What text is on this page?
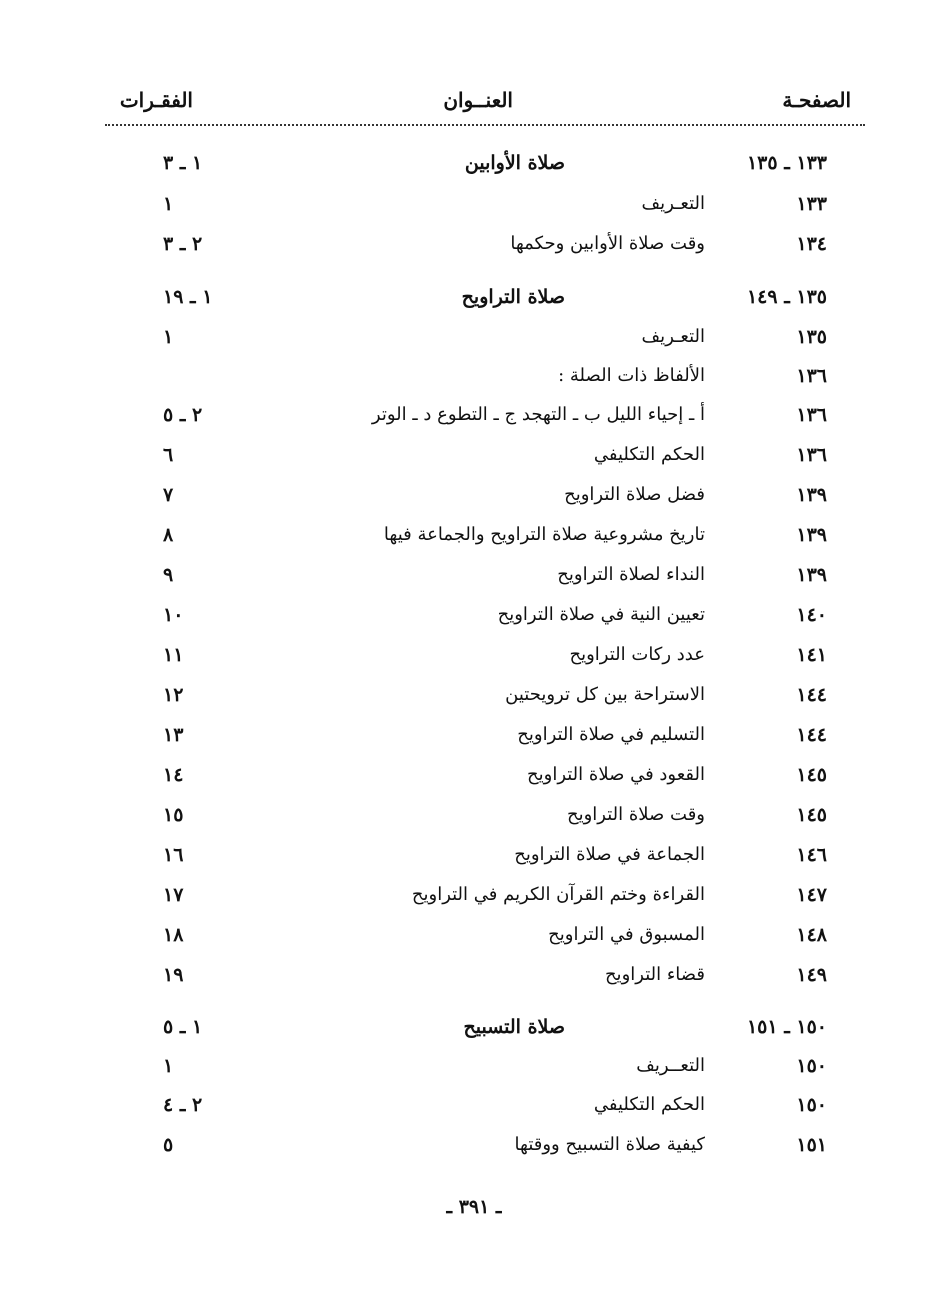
الصفحـة
العنــوان
الفقـرات
١٣٣ ـ ١٣٥
صلاة الأوابين
١ ـ ٣
١٣٣
التعـريف
١
١٣٤
وقت صلاة الأوابين وحكمها
٢ ـ ٣
١٣٥ ـ ١٤٩
صلاة التراويح
١ ـ ١٩
١٣٥
التعـريف
١
١٣٦
الألفاظ ذات الصلة :
١٣٦
أ ـ إحياء الليل ب ـ التهجد ج ـ التطوع د ـ الوتر
٢ ـ ٥
١٣٦
الحكم التكليفي
٦
١٣٩
فضل صلاة التراويح
٧
١٣٩
تاريخ مشروعية صلاة التراويح والجماعة فيها
٨
١٣٩
النداء لصلاة التراويح
٩
١٤٠
تعيين النية في صلاة التراويح
١٠
١٤١
عدد ركات التراويح
١١
١٤٤
الاستراحة بين كل ترويحتين
١٢
١٤٤
التسليم في صلاة التراويح
١٣
١٤٥
القعود في صلاة التراويح
١٤
١٤٥
وقت صلاة التراويح
١٥
١٤٦
الجماعة في صلاة التراويح
١٦
١٤٧
القراءة وختم القرآن الكريم في التراويح
١٧
١٤٨
المسبوق في التراويح
١٨
١٤٩
قضاء التراويح
١٩
١٥٠ ـ ١٥١
صلاة التسبيح
١ ـ ٥
١٥٠
التعــريف
١
١٥٠
الحكم التكليفي
٢ ـ ٤
١٥١
كيفية صلاة التسبيح ووقتها
٥
ـ ٣٩١ ـ
